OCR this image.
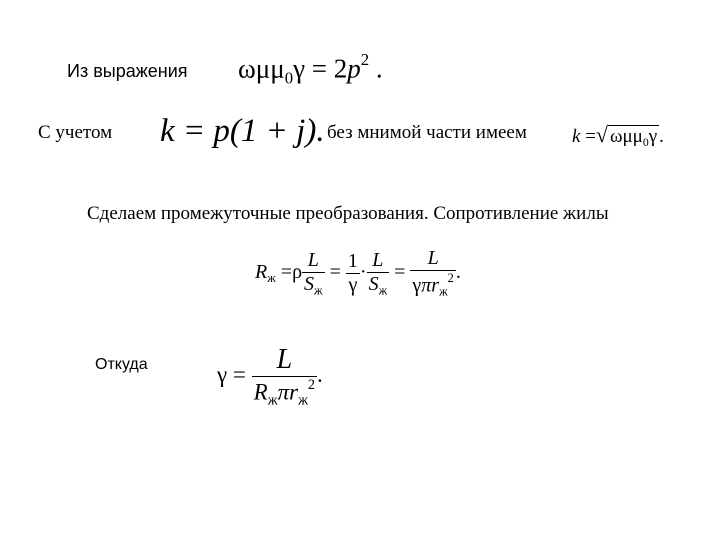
Из выражения $\omega\mu\mu_0\gamma = 2p^2$ .
С учетом k = p(1 + j). без мнимой части имеем k =√ ωμμ$_0$γ .
Сделаем промежуточные преобразования. Сопротивление жилы
$R_ж =\rho \frac{L}{S_ж} = \frac{1}{\gamma} \cdot \frac{L}{S_ж} = \frac{L}{\gamma\pi r_ж^2}$ .
Откуда	$\gamma = \frac{L}{R_ж\pi r_ж^2}$ .
